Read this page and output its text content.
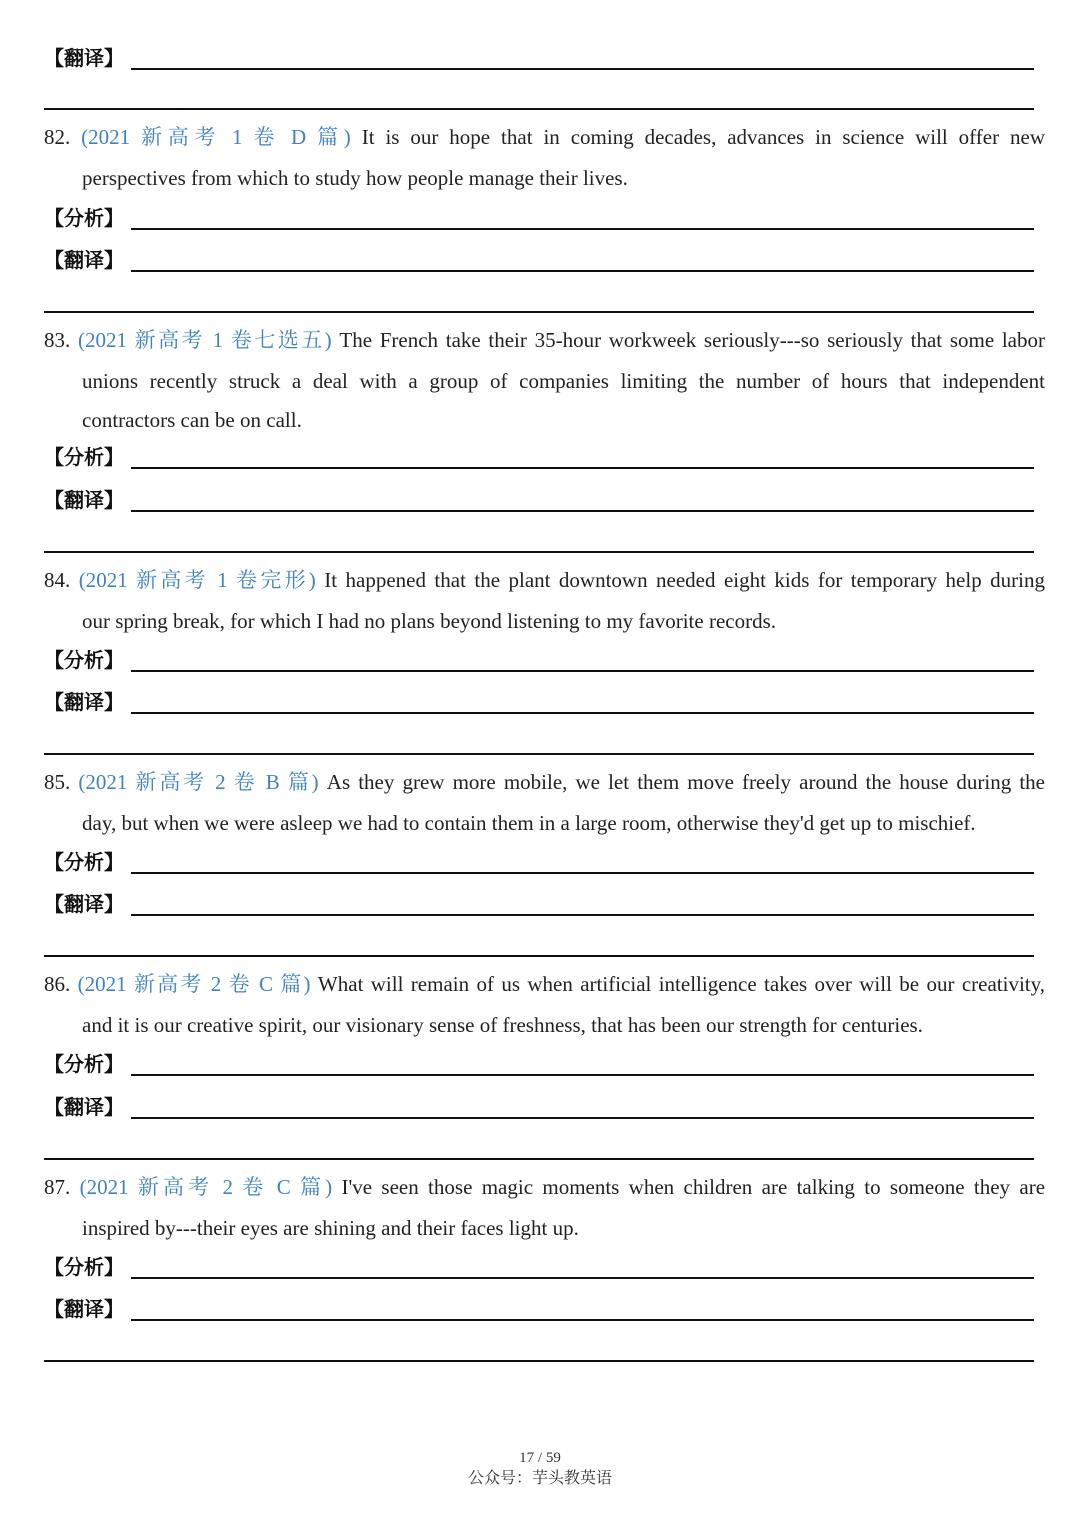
【翻译】
82. (2021 新高考 1 卷 D 篇) It is our hope that in coming decades, advances in science will offer new
perspectives from which to study how people manage their lives.
【分析】
【翻译】
83. (2021 新高考 1 卷七选五) The French take their 35-hour workweek seriously---so seriously that some labor
unions recently struck a deal with a group of companies limiting the number of hours that independent
contractors can be on call.
【分析】
【翻译】
84. (2021 新高考 1 卷完形) It happened that the plant downtown needed eight kids for temporary help during
our spring break, for which I had no plans beyond listening to my favorite records.
【分析】
【翻译】
85. (2021 新高考 2 卷 B 篇) As they grew more mobile, we let them move freely around the house during the
day, but when we were asleep we had to contain them in a large room, otherwise they'd get up to mischief.
【分析】
【翻译】
86. (2021 新高考 2 卷 C 篇) What will remain of us when artificial intelligence takes over will be our creativity,
and it is our creative spirit, our visionary sense of freshness, that has been our strength for centuries.
【分析】
【翻译】
87. (2021 新高考 2 卷 C 篇) I've seen those magic moments when children are talking to someone they are
inspired by---their eyes are shining and their faces light up.
【分析】
【翻译】
17 / 59
公众号：芋头教英语
